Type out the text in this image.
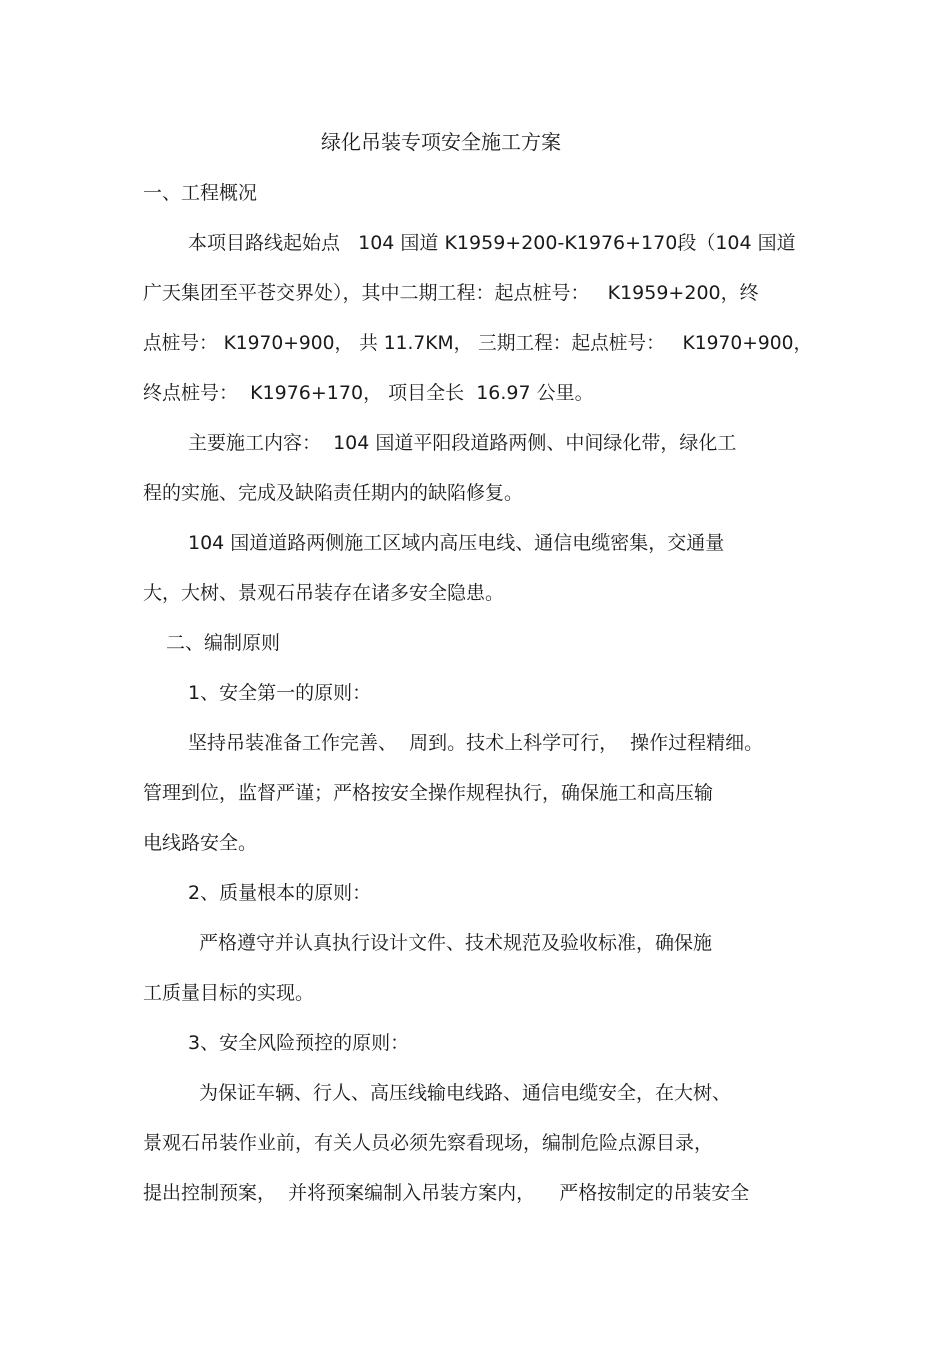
绿化吊装专项安全施工方案
一、工程概况
本项目路线起始点   104 国道 K1959+200-K1976+170段（104 国道
广天集团至平苍交界处），其中二期工程：起点桩号：   K1959+200，终
点桩号： K1970+900， 共 11.7KM， 三期工程：起点桩号：   K1970+900，
终点桩号：  K1976+170， 项目全长  16.97 公里。
主要施工内容：  104 国道平阳段道路两侧、中间绿化带，绿化工
程的实施、完成及缺陷责任期内的缺陷修复。
104 国道道路两侧施工区域内高压电线、通信电缆密集，交通量
大，大树、景观石吊装存在诸多安全隐患。
二、编制原则
1、安全第一的原则：
坚持吊装准备工作完善、  周到。技术上科学可行，  操作过程精细。
管理到位，监督严谨；严格按安全操作规程执行，确保施工和高压输
电线路安全。
2、质量根本的原则：
严格遵守并认真执行设计文件、技术规范及验收标准，确保施
工质量目标的实现。
3、安全风险预控的原则：
为保证车辆、行人、高压线输电线路、通信电缆安全，在大树、
景观石吊装作业前，有关人员必须先察看现场，编制危险点源目录，
提出控制预案，  并将预案编制入吊装方案内，    严格按制定的吊装安全
